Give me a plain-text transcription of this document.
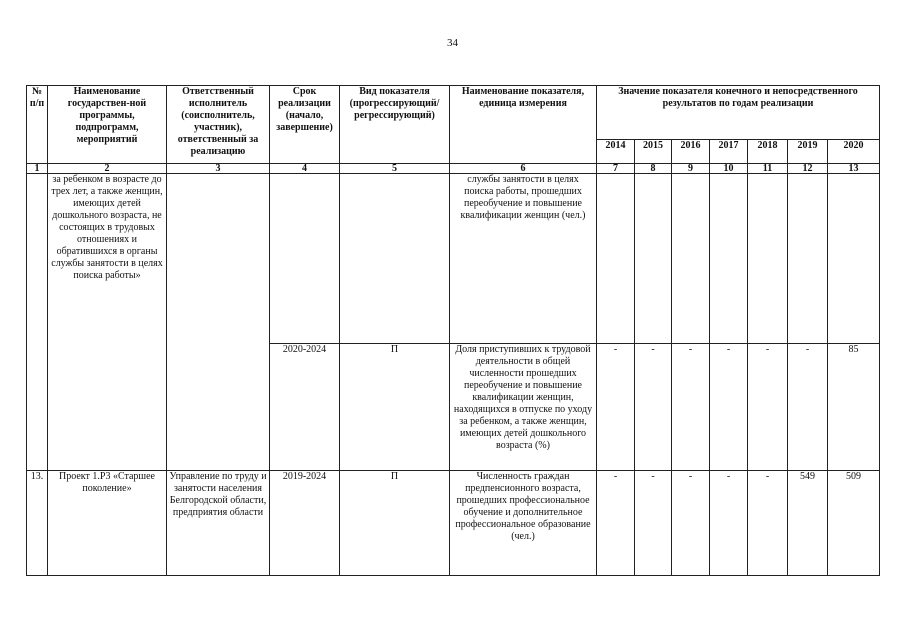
34
№ п/п	Наименование государствен-ной программы, подпрограмм, мероприятий	Ответственный исполнитель (соисполнитель, участник), ответственный за реализацию	Срок реализации (начало, завершение)	Вид показателя (прогрессирующий/ регрессирующий)	Наименование показателя, единица измерения	Значение показателя конечного и непосредственного результатов по годам реализации						
						2014	2015	2016	2017	2018	2019	2020
1	2	3	4	5	6	7	8	9	10	11	12	13
	за ребенком в возрасте до трех лет, а также женщин, имеющих детей дошкольного возраста, не состоящих в трудовых отношениях и обратившихся в органы службы занятости в целях поиска работы»				службы занятости в целях поиска работы, прошедших переобучение и повышение квалификации женщин (чел.)							
			2020-2024	П	Доля приступивших к трудовой деятельности в общей численности прошедших переобучение и повышение квалификации женщин, находящихся в отпуске по уходу за ребенком, а также женщин, имеющих детей дошкольного возраста (%)	-	-	-	-	-	-	85
13.	Проект 1.Р3 «Старшее поколение»	Управление по труду и занятости населения Белгородской области, предприятия области	2019-2024	П	Численность граждан предпенсионного возраста, прошедших профессиональное обучение и дополнительное профессиональное образование (чел.)	-	-	-	-	-	549	509
